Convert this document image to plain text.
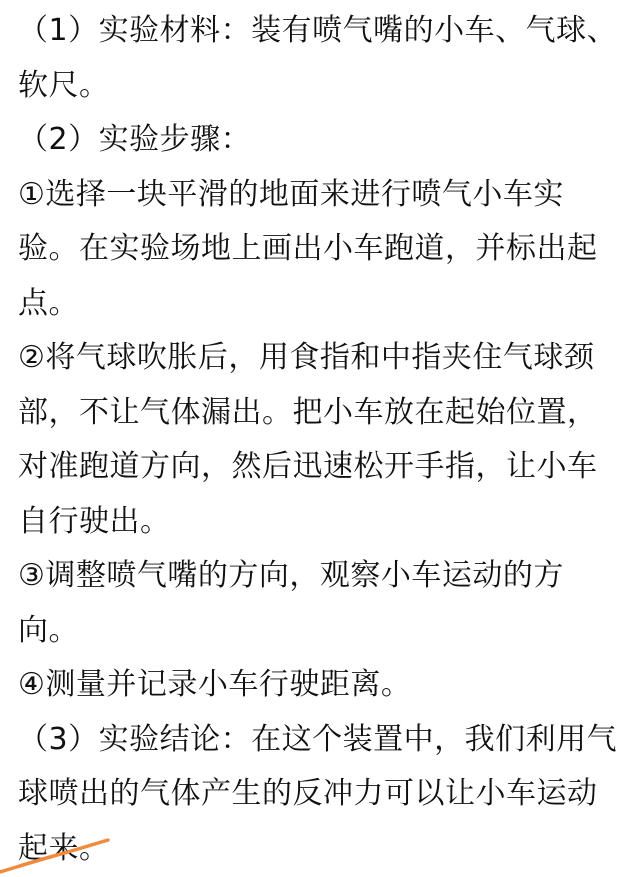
（1）实验材料：装有喷气嘴的小车、气球、
软尺。
（2）实验步骤：
①选择一块平滑的地面来进行喷气小车实
验。在实验场地上画出小车跑道，并标出起
点。
②将气球吹胀后，用食指和中指夹住气球颈
部，不让气体漏出。把小车放在起始位置，
对准跑道方向，然后迅速松开手指，让小车
自行驶出。
③调整喷气嘴的方向，观察小车运动的方
向。
④测量并记录小车行驶距离。
（3）实验结论：在这个装置中，我们利用气
球喷出的气体产生的反冲力可以让小车运动
起来。
